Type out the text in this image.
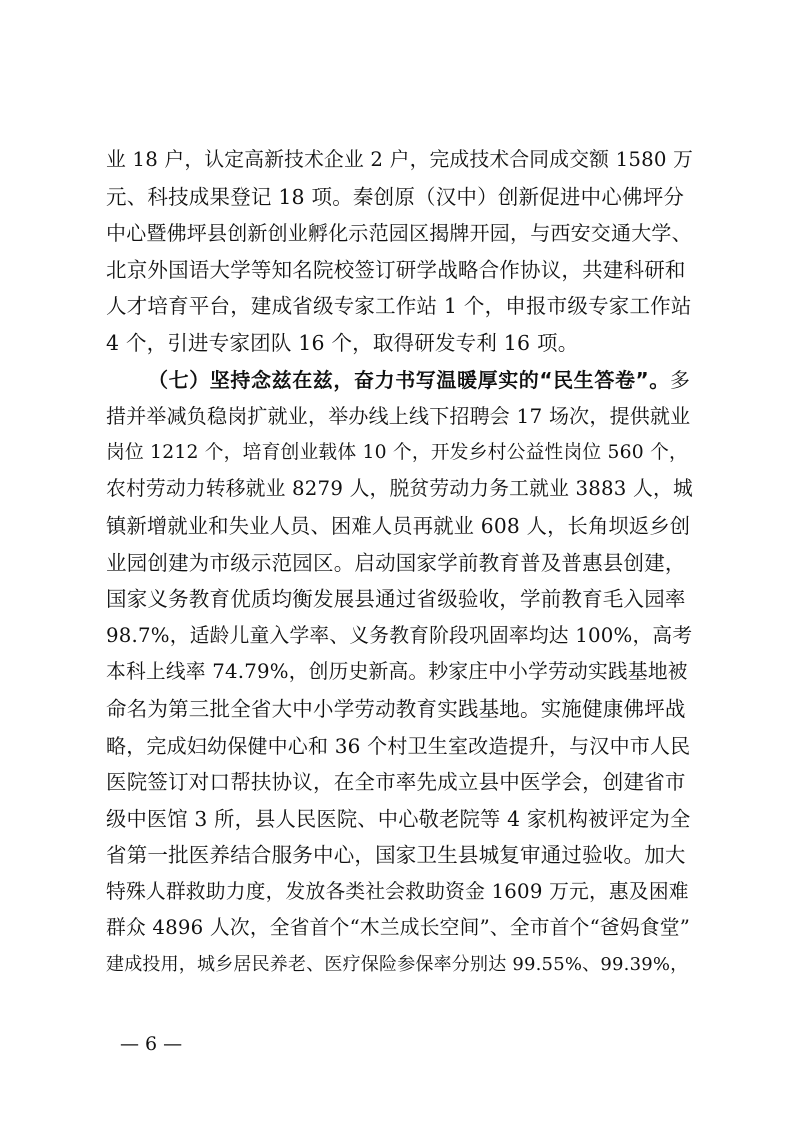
业 18 户，认定高新技术企业 2 户，完成技术合同成交额 1580 万
元、科技成果登记 18 项。秦创原（汉中）创新促进中心佛坪分
中心暨佛坪县创新创业孵化示范园区揭牌开园，与西安交通大学、
北京外国语大学等知名院校签订研学战略合作协议，共建科研和
人才培育平台，建成省级专家工作站 1 个，申报市级专家工作站
4 个，引进专家团队 16 个，取得研发专利 16 项。
（七）坚持念兹在兹，奋力书写温暖厚实的“民生答卷”。多
措并举减负稳岗扩就业，举办线上线下招聘会 17 场次，提供就业
岗位 1212 个，培育创业载体 10 个，开发乡村公益性岗位 560 个，
农村劳动力转移就业 8279 人，脱贫劳动力务工就业 3883 人，城
镇新增就业和失业人员、困难人员再就业 608 人，长角坝返乡创
业园创建为市级示范园区。启动国家学前教育普及普惠县创建，
国家义务教育优质均衡发展县通过省级验收，学前教育毛入园率
98.7%，适龄儿童入学率、义务教育阶段巩固率均达 100%，高考
本科上线率 74.79%，创历史新高。耖家庄中小学劳动实践基地被
命名为第三批全省大中小学劳动教育实践基地。实施健康佛坪战
略，完成妇幼保健中心和 36 个村卫生室改造提升，与汉中市人民
医院签订对口帮扶协议，在全市率先成立县中医学会，创建省市
级中医馆 3 所，县人民医院、中心敬老院等 4 家机构被评定为全
省第一批医养结合服务中心，国家卫生县城复审通过验收。加大
特殊人群救助力度，发放各类社会救助资金 1609 万元，惠及困难
群众 4896 人次，全省首个“木兰成长空间”、全市首个“爸妈食堂”
建成投用，城乡居民养老、医疗保险参保率分别达 99.55%、99.39%，
— 6 —
